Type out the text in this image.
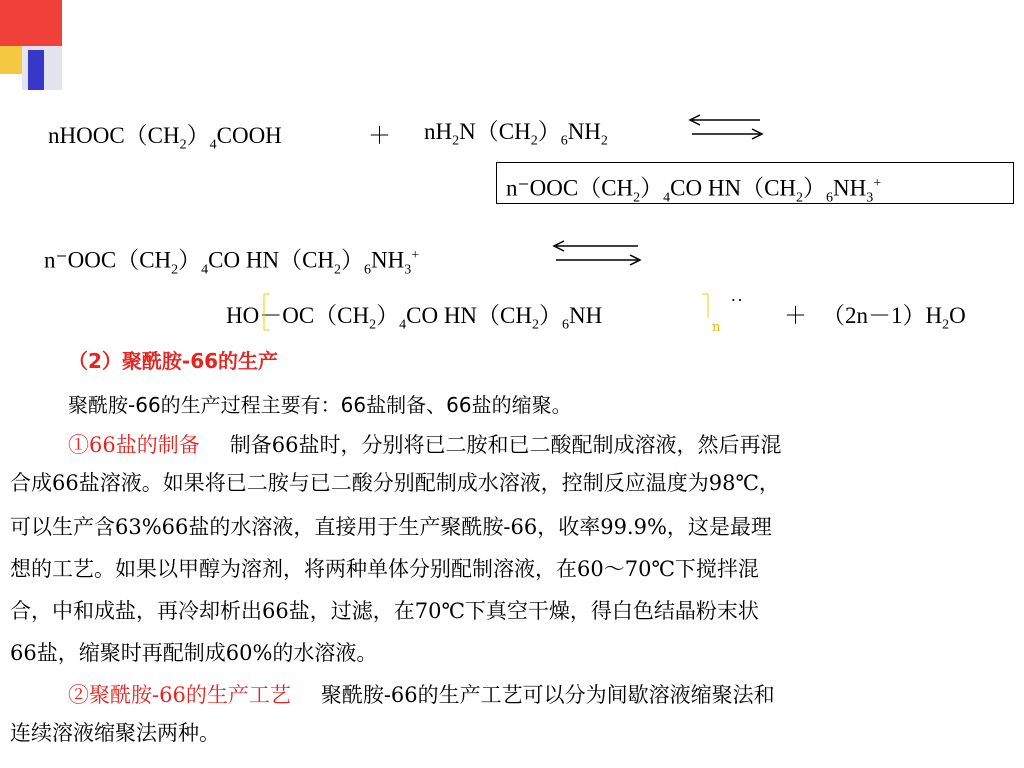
$nHOOC(CH_2)_4COOH$	＋ $nH_2N(CH_2)_6NH_2$
$n^-OOC(CH_2)_4CO$ $HN(CH_2)_6NH_3^+$
$n^-OOC(CH_2)_4CO$ $HN(CH_2)_6NH_3^+$
$HO-OC(CH_2)_4CO$ $HN(CH_2)_6NH$	n
˙˙ ＋ $(2n-1)H_2O$
（2）聚酰胺-66的生产
聚酰胺-66的生产过程主要有：66盐制备、66盐的缩聚。
①66盐的制备 制备66盐时，分别将已二胺和已二酸配制成溶液，然后再混
合成66盐溶液。如果将已二胺与已二酸分别配制成水溶液，控制反应温度为98℃，
可以生产含63%66盐的水溶液，直接用于生产聚酰胺-66，收率99.9%，这是最理
想的工艺。如果以甲醇为溶剂，将两种单体分别配制溶液，在60～70℃下搅拌混
合，中和成盐，再冷却析出66盐，过滤，在70℃下真空干燥，得白色结晶粉末状
66盐，缩聚时再配制成60%的水溶液。
②聚酰胺-66的生产工艺 聚酰胺-66的生产工艺可以分为间歇溶液缩聚法和
连续溶液缩聚法两种。
